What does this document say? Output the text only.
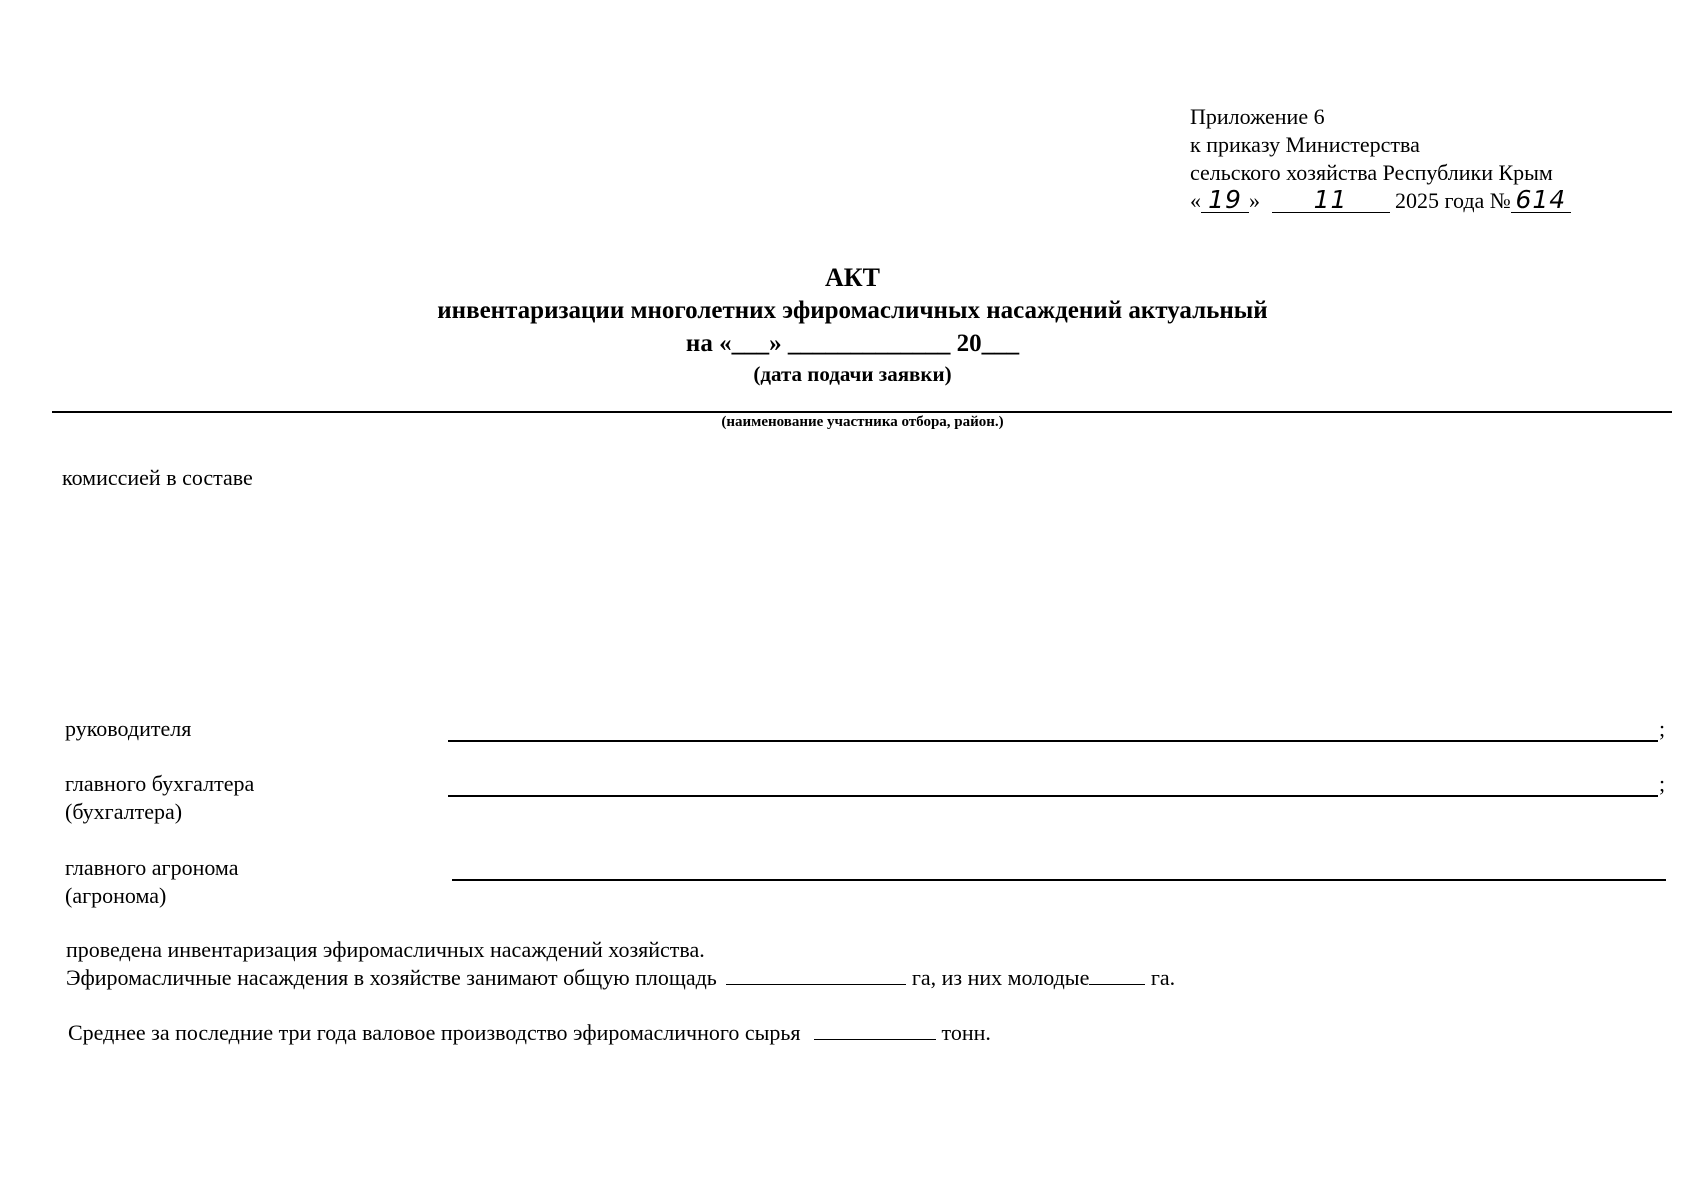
Приложение 6
к приказу Министерства
сельского хозяйства Республики Крым
« 19 » 11 2025 года № 614
АКТ
инвентаризации многолетних эфиромасличных насаждений актуальный
на «___» _____________ 20___
(дата подачи заявки)
(наименование участника отбора, район.)
комиссией в составе
руководителя	;
главного бухгалтера
(бухгалтера)
;
главного агронома
(агронома)
проведена инвентаризация эфиромасличных насаждений хозяйства.
Эфиромасличные насаждения в хозяйстве занимают общую площадь	га, из них молодые	га.
Среднее за последние три года валовое производство эфиромасличного сырья	тонн.
